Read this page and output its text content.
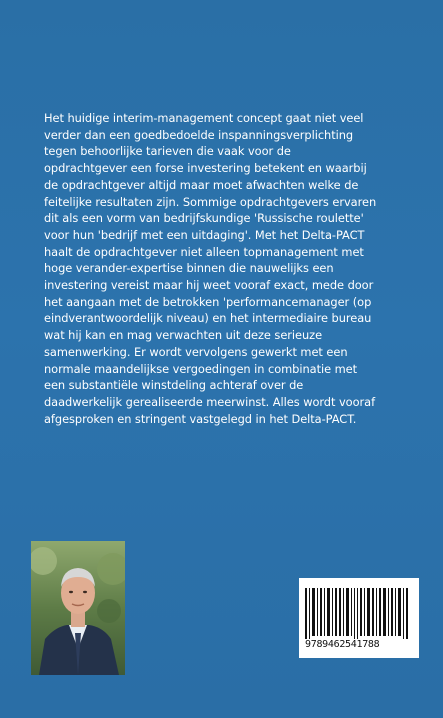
Het huidige interim-management concept gaat niet veel
verder dan een goedbedoelde inspanningsverplichting
tegen behoorlijke tarieven die vaak voor de
opdrachtgever een forse investering betekent en waarbij
de opdrachtgever altijd maar moet afwachten welke de
feitelijke resultaten zijn. Sommige opdrachtgevers ervaren
dit als een vorm van bedrijfskundige 'Russische roulette'
voor hun 'bedrijf met een uitdaging'. Met het Delta-PACT
haalt de opdrachtgever niet alleen topmanagement met
hoge verander-expertise binnen die nauwelijks een
investering vereist maar hij weet vooraf exact, mede door
het aangaan met de betrokken 'performancemanager (op
eindverantwoordelijk niveau) en het intermediaire bureau
wat hij kan en mag verwachten uit deze serieuze
samenwerking. Er wordt vervolgens gewerkt met een
normale maandelijkse vergoedingen in combinatie met
een substantiële winstdeling achteraf over de
daadwerkelijk gerealiseerde meerwinst. Alles wordt vooraf
afgesproken en stringent vastgelegd in het Delta-PACT.
9789462541788
